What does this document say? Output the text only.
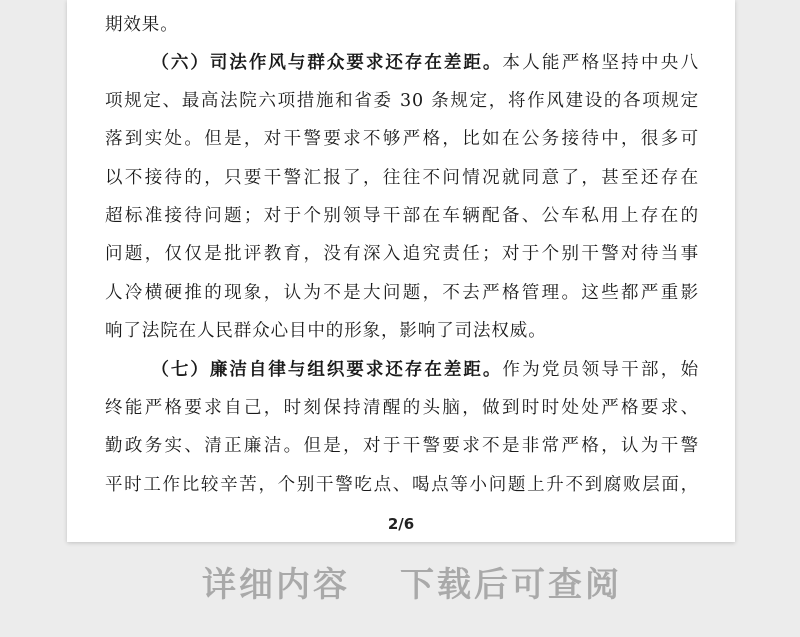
期效果。
（六）司法作风与群众要求还存在差距。本人能严格坚持中央八
项规定、最高法院六项措施和省委 30 条规定，将作风建设的各项规定
落到实处。但是，对干警要求不够严格，比如在公务接待中，很多可
以不接待的，只要干警汇报了，往往不问情况就同意了，甚至还存在
超标准接待问题；对于个别领导干部在车辆配备、公车私用上存在的
问题，仅仅是批评教育，没有深入追究责任；对于个别干警对待当事
人冷横硬推的现象，认为不是大问题，不去严格管理。这些都严重影
响了法院在人民群众心目中的形象，影响了司法权威。
（七）廉洁自律与组织要求还存在差距。作为党员领导干部，始
终能严格要求自己，时刻保持清醒的头脑，做到时时处处严格要求、
勤政务实、清正廉洁。但是，对于干警要求不是非常严格，认为干警
平时工作比较辛苦，个别干警吃点、喝点等小问题上升不到腐败层面，
2/6
详细内容 下载后可查阅
